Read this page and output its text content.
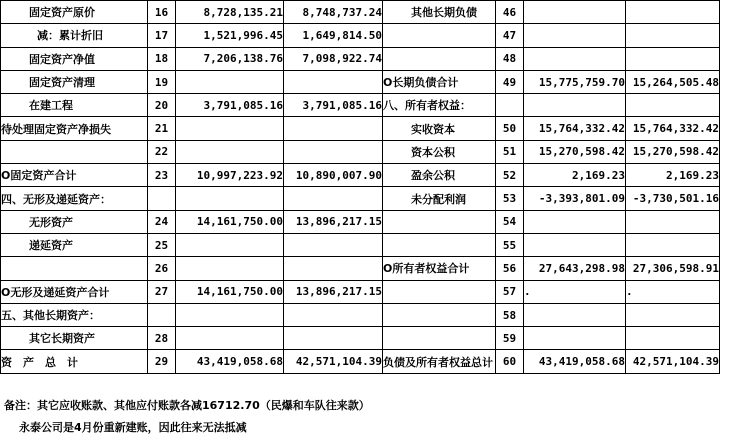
固定资产原价	16	8,728,135.21	8,748,737.24	其他长期负债	46		
减：累计折旧	17	1,521,996.45	1,649,814.50		47		
固定资产净值	18	7,206,138.76	7,098,922.74		48		
固定资产清理	19			O长期负债合计	49	15,775,759.70	15,264,505.48
在建工程	20	3,791,085.16	3,791,085.16	八、所有者权益：			
待处理固定资产净损失	21			实收资本	50	15,764,332.42	15,764,332.42
	22			资本公积	51	15,270,598.42	15,270,598.42
O固定资产合计	23	10,997,223.92	10,890,007.90	盈余公积	52	2,169.23	2,169.23
四、无形及递延资产：				未分配利润	53	-3,393,801.09	-3,730,501.16
无形资产	24	14,161,750.00	13,896,217.15		54		
递延资产	25				55		
	26			O所有者权益合计	56	27,643,298.98	27,306,598.91
O无形及递延资产合计	27	14,161,750.00	13,896,217.15		57	.	.
五、其他长期资产：					58		
其它长期资产	28				59		
资　产　总　计	29	43,419,058.68	42,571,104.39	负债及所有者权益总计	60	43,419,058.68	42,571,104.39
备注：其它应收账款、其他应付账款各减16712.70（民爆和车队往来款）
永泰公司是4月份重新建账，因此往来无法抵减
